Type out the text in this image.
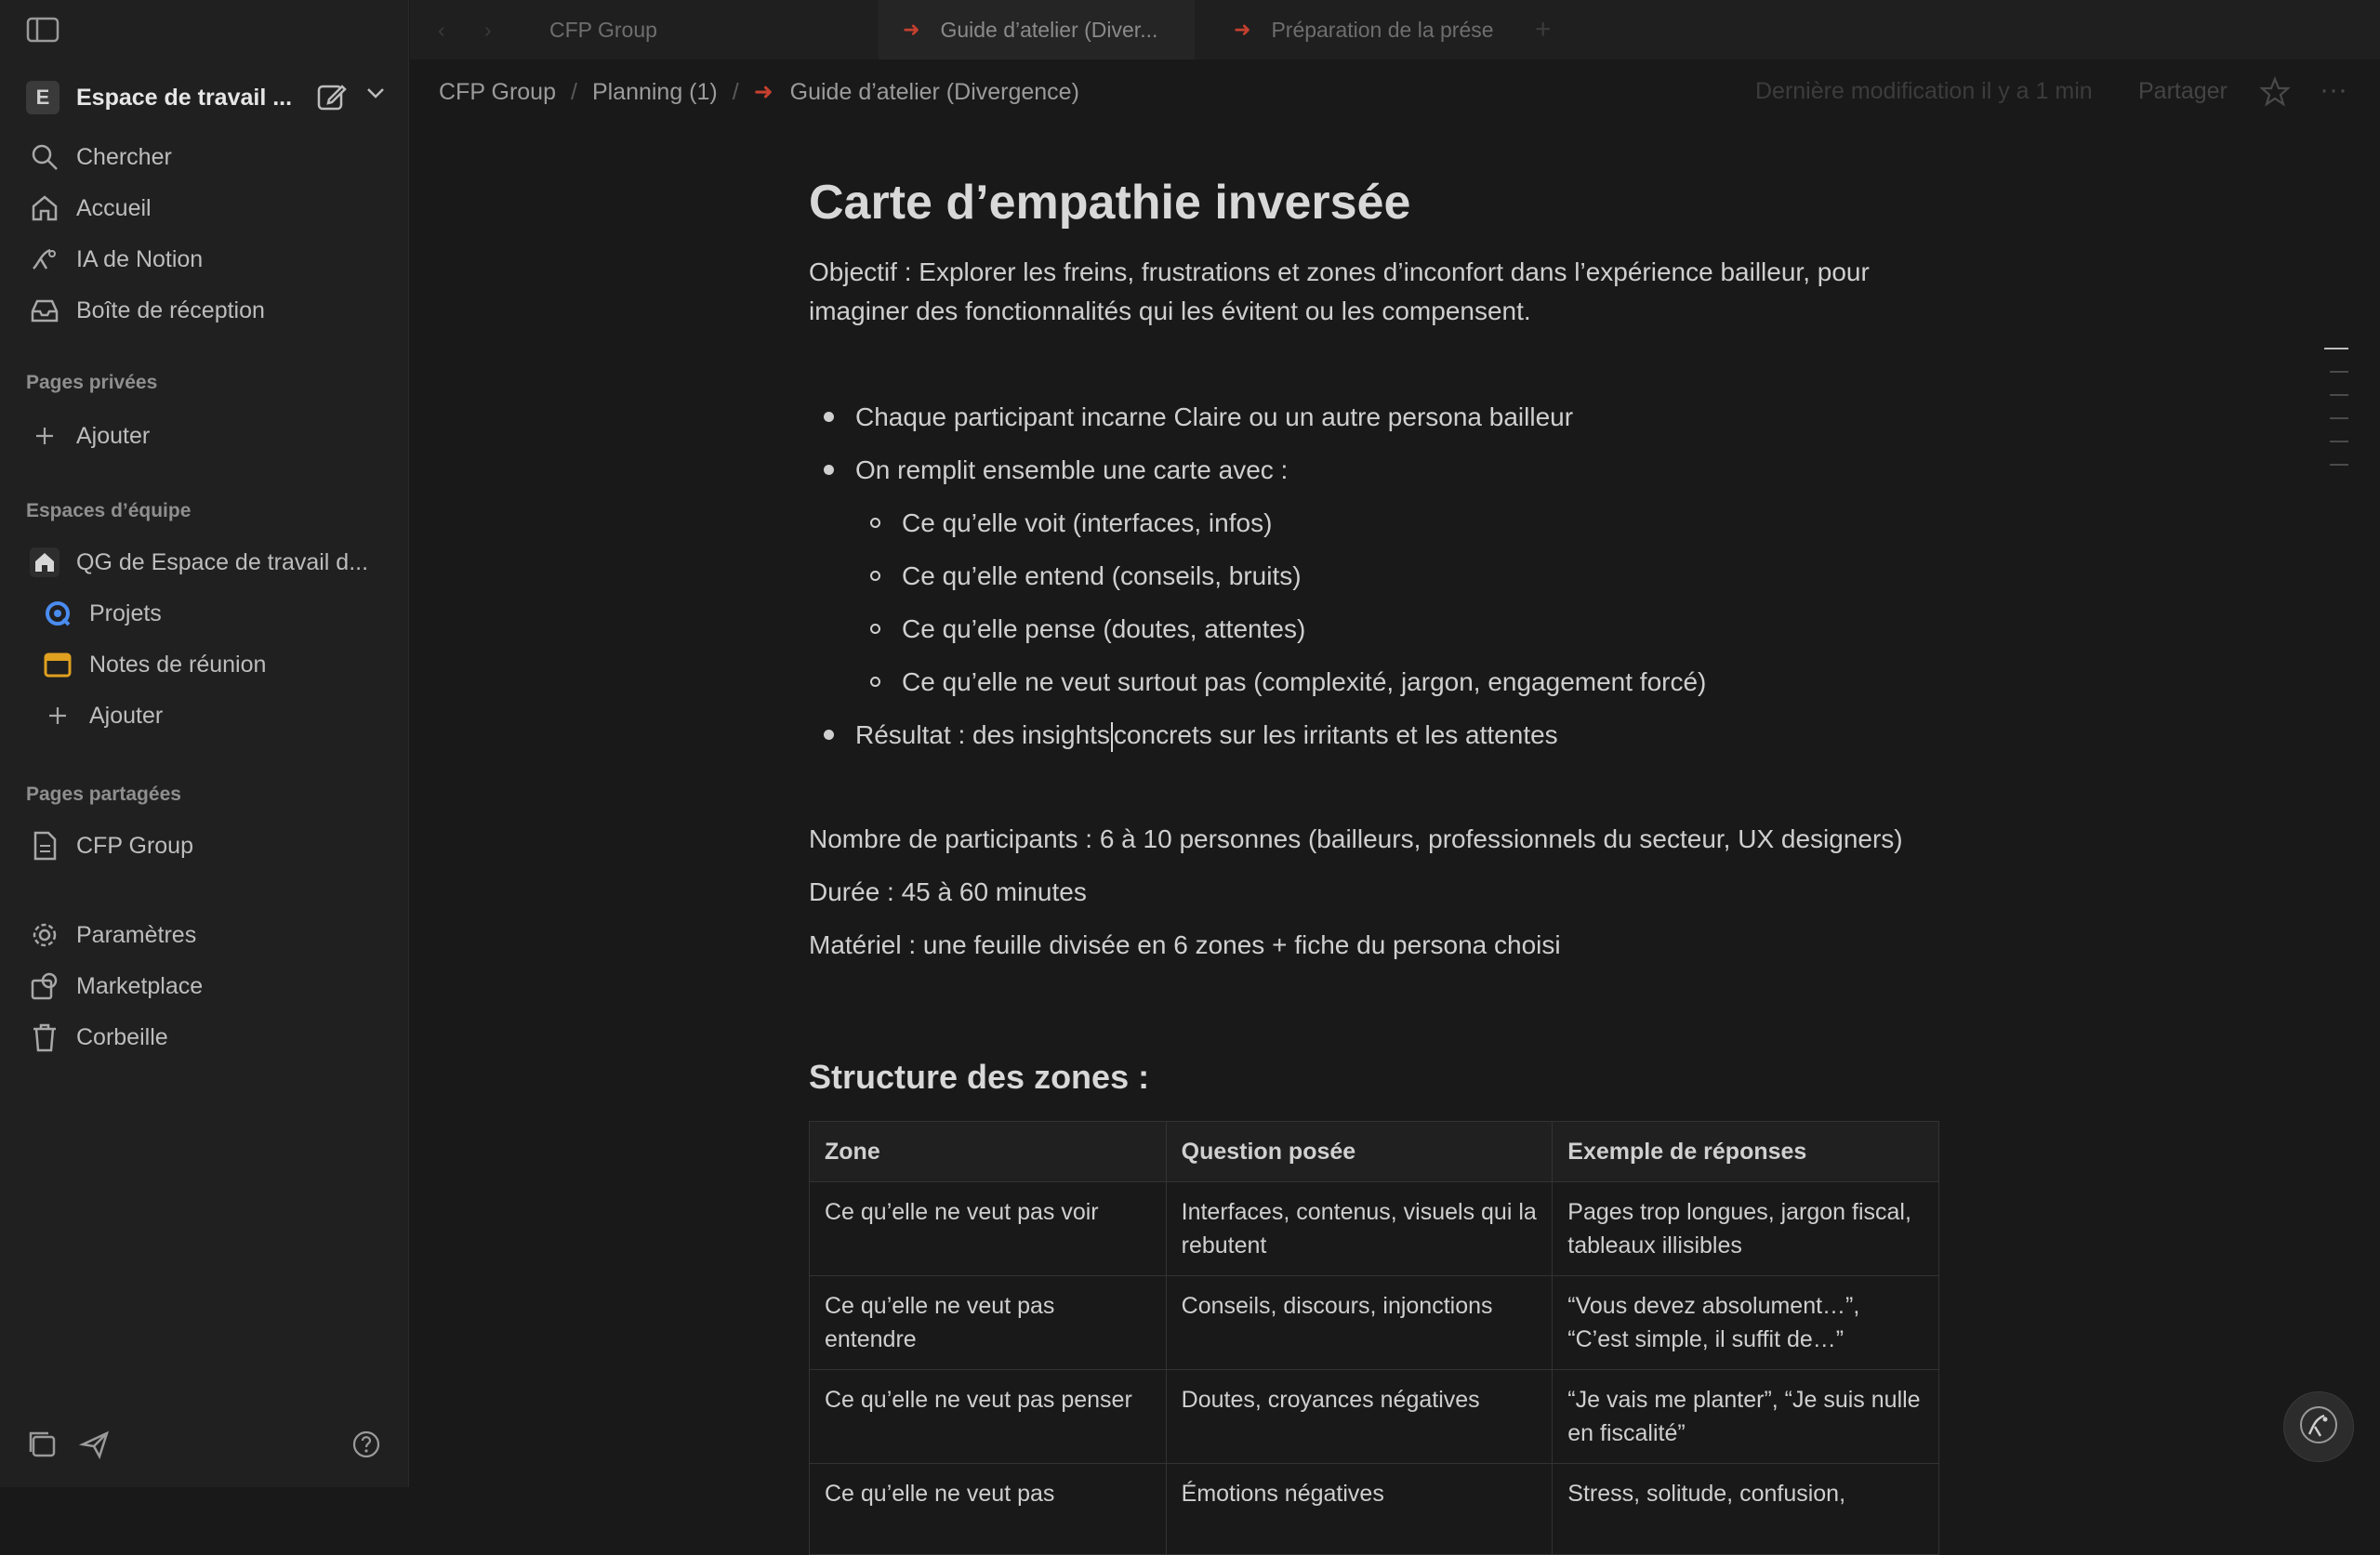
E	Espace de travail ...
Chercher
Accueil
IA de Notion
Boîte de réception
Pages privées
Ajouter
Espaces d’équipe
QG de Espace de travail d...
Projets
Notes de réunion
Ajouter
Pages partagées
CFP Group
Paramètres
Marketplace
Corbeille
‹ ›	CFP Group	➜ Guide d’atelier (Diver...	➜ Préparation de la prése +
CFP Group / Planning (1) / ➜ Guide d’atelier (Divergence)	Dernière modification il y a 1 min Partager	···
Carte d’empathie inversée
Objectif : Explorer les freins, frustrations et zones d’inconfort dans l’expérience bailleur, pour imaginer des fonctionnalités qui les évitent ou les compensent.
Chaque participant incarne Claire ou un autre persona bailleur
On remplit ensemble une carte avec :
Ce qu’elle voit (interfaces, infos)
Ce qu’elle entend (conseils, bruits)
Ce qu’elle pense (doutes, attentes)
Ce qu’elle ne veut surtout pas (complexité, jargon, engagement forcé)
Résultat : des insights concrets sur les irritants et les attentes
Nombre de participants : 6 à 10 personnes (bailleurs, professionnels du secteur, UX designers)
Durée : 45 à 60 minutes
Matériel : une feuille divisée en 6 zones + fiche du persona choisi
Structure des zones :
Zone	Question posée	Exemple de réponses
Ce qu’elle ne veut pas voir	Interfaces, contenus, visuels qui la rebutent	Pages trop longues, jargon fiscal, tableaux illisibles
Ce qu’elle ne veut pas entendre	Conseils, discours, injonctions	“Vous devez absolument…”, “C’est simple, il suffit de…”
Ce qu’elle ne veut pas penser	Doutes, croyances négatives	“Je vais me planter”, “Je suis nulle en fiscalité”
Ce qu’elle ne veut pas	Émotions négatives	Stress, solitude, confusion,
